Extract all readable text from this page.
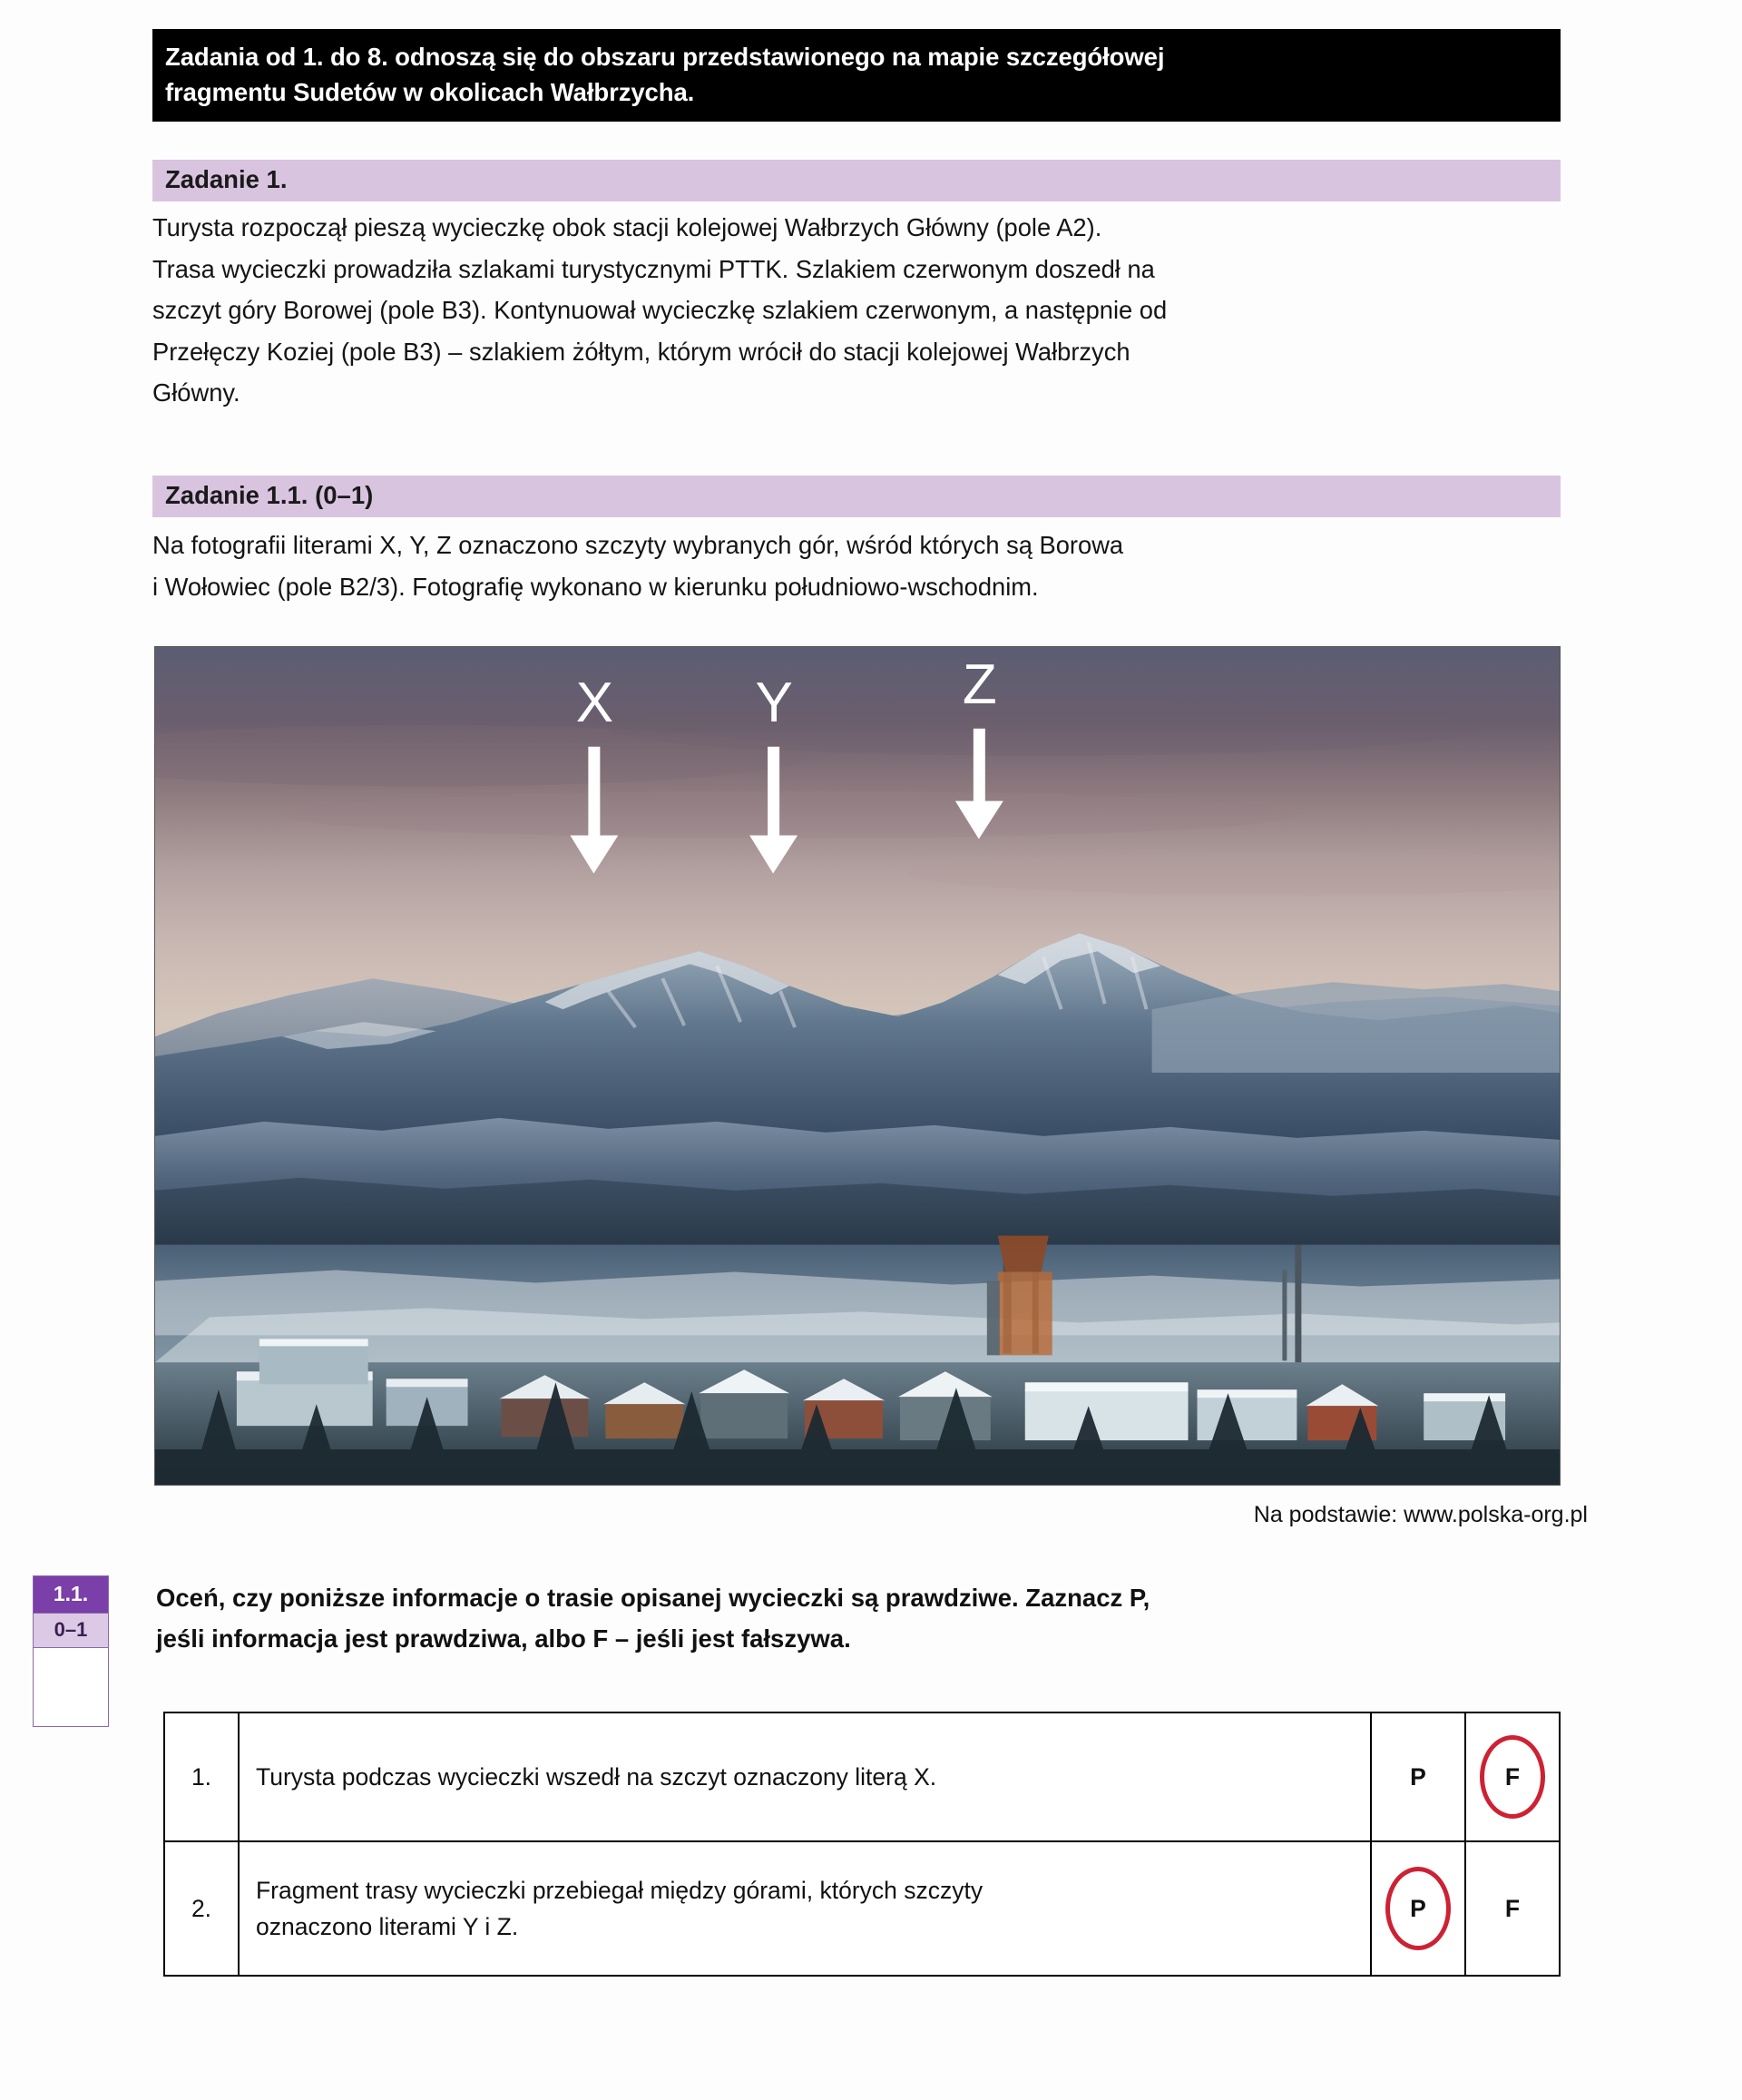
Zadania od 1. do 8. odnoszą się do obszaru przedstawionego na mapie szczegółowej
fragmentu Sudetów w okolicach Wałbrzycha.
Zadanie 1.
Turysta rozpoczął pieszą wycieczkę obok stacji kolejowej Wałbrzych Główny (pole A2).
Trasa wycieczki prowadziła szlakami turystycznymi PTTK. Szlakiem czerwonym doszedł na
szczyt góry Borowej (pole B3). Kontynuował wycieczkę szlakiem czerwonym, a następnie od
Przełęczy Koziej (pole B3) – szlakiem żółtym, którym wrócił do stacji kolejowej Wałbrzych
Główny.
Zadanie 1.1. (0–1)
Na fotografii literami X, Y, Z oznaczono szczyty wybranych gór, wśród których są Borowa
i Wołowiec (pole B2/3). Fotografię wykonano w kierunku południowo-wschodnim.
X	Y	Z
Na podstawie: www.polska-org.pl
1.1.
0–1
Oceń, czy poniższe informacje o trasie opisanej wycieczki są prawdziwe. Zaznacz P,
jeśli informacja jest prawdziwa, albo F – jeśli jest fałszywa.
1.	Turysta podczas wycieczki wszedł na szczyt oznaczony literą X.	P	F
2.	Fragment trasy wycieczki przebiegał między górami, których szczyty
oznaczono literami Y i Z.	P	F
